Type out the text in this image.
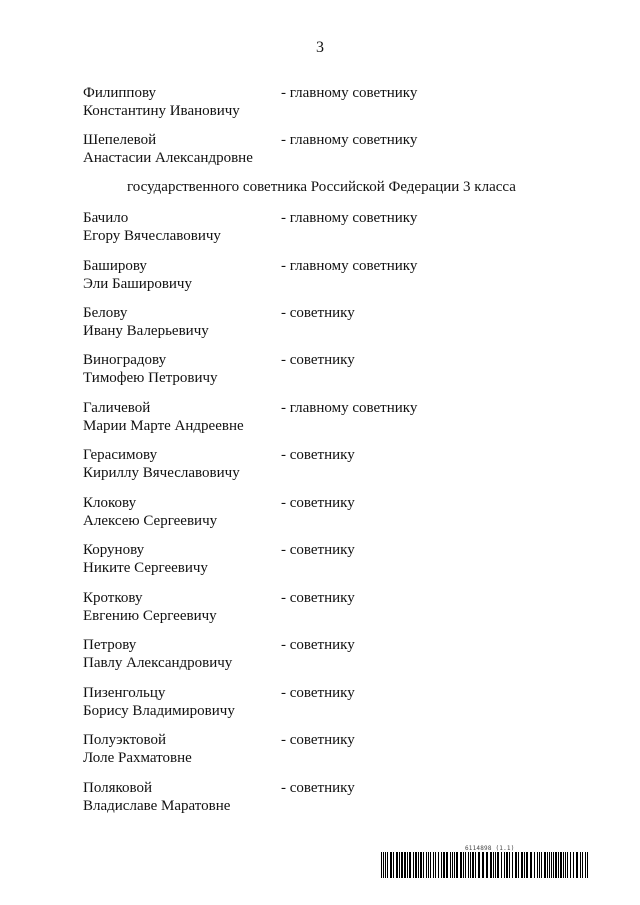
3
Филиппову
Константину Ивановичу
- главному советнику
Шепелевой
Анастасии Александровне
- главному советнику
государственного советника Российской Федерации 3 класса
Бачило
Егору Вячеславовичу
- главному советнику
Баширову
Эли Башировичу
- главному советнику
Белову
Ивану Валерьевичу
- советнику
Виноградову
Тимофею Петровичу
- советнику
Галичевой
Марии Марте Андреевне
- главному советнику
Герасимову
Кириллу Вячеславовичу
- советнику
Клокову
Алексею Сергеевичу
- советнику
Корунову
Никите Сергеевичу
- советнику
Кроткову
Евгению Сергеевичу
- советнику
Петрову
Павлу Александровичу
- советнику
Пизенгольцу
Борису Владимировичу
- советнику
Полуэктовой
Лоле Рахматовне
- советнику
Поляковой
Владиславе Маратовне
- советнику
6114898 (1.1)
